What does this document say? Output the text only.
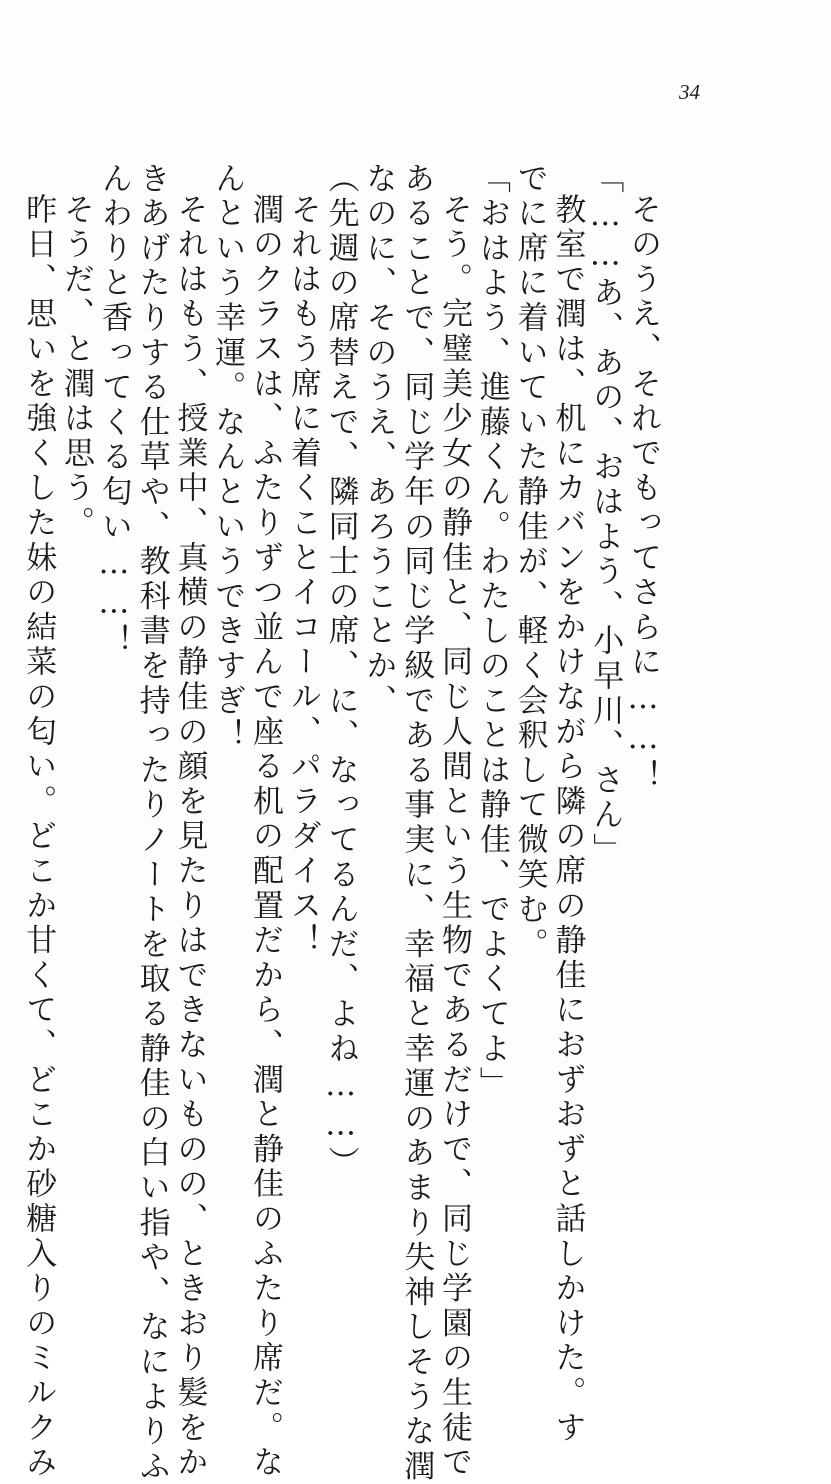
34

そのうえ、それでもってさらに……！

「……あ、あの、おはよう、小早川、さん」

教室で潤は、机にカバンをかけながら隣の席の静佳におずおずと話しかけた。す

でに席に着いていた静佳が、軽く会釈して微笑む。

「おはよう、進藤くん。わたしのことは静佳、でよくてよ」

そう。完璧美少女の静佳と、同じ人間という生物であるだけで、同じ学園の生徒で

あることで、同じ学年の同じ学級である事実に、幸福と幸運のあまり失神しそうな潤

なのに、そのうえ、あろうことか、

（先週の席替えで、隣同士の席、に、なってるんだ、よね……）

それはもう席に着くことイコール、パラダイス！

潤のクラスは、ふたりずつ並んで座る机の配置だから、潤と静佳のふたり席だ。な

んという幸運。なんというできすぎ！

それはもう、授業中、真横の静佳の顔を見たりはできないものの、ときおり髪をか

きあげたりする仕草や、教科書を持ったりノートを取る静佳の白い指や、なによりふ

んわりと香ってくる匂い……！

そうだ、と潤は思う。

昨日、思いを強くした妹の結菜の匂い。どこか甘くて、どこか砂糖入りのミルクみ
